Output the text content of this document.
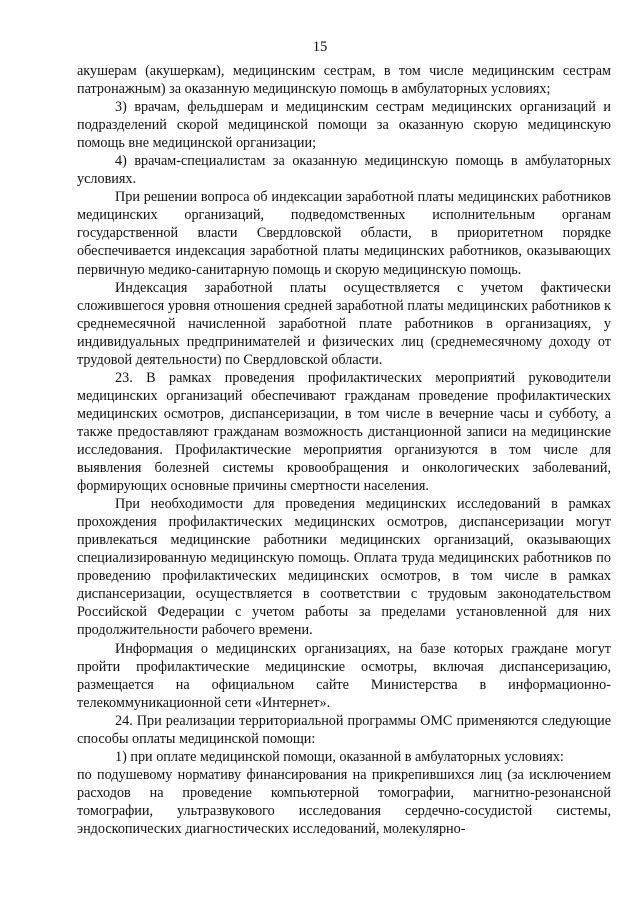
15

акушерам (акушеркам), медицинским сестрам, в том числе медицинским сестрам патронажным) за оказанную медицинскую помощь в амбулаторных условиях;

3) врачам, фельдшерам и медицинским сестрам медицинских организаций и подразделений скорой медицинской помощи за оказанную скорую медицинскую помощь вне медицинской организации;

4) врачам-специалистам за оказанную медицинскую помощь в амбулаторных условиях.

При решении вопроса об индексации заработной платы медицинских работников медицинских организаций, подведомственных исполнительным органам государственной власти Свердловской области, в приоритетном порядке обеспечивается индексация заработной платы медицинских работников, оказывающих первичную медико-санитарную помощь и скорую медицинскую помощь.

Индексация заработной платы осуществляется с учетом фактически сложившегося уровня отношения средней заработной платы медицинских работников к среднемесячной начисленной заработной плате работников в организациях, у индивидуальных предпринимателей и физических лиц (среднемесячному доходу от трудовой деятельности) по Свердловской области.

23. В рамках проведения профилактических мероприятий руководители медицинских организаций обеспечивают гражданам проведение профилактических медицинских осмотров, диспансеризации, в том числе в вечерние часы и субботу, а также предоставляют гражданам возможность дистанционной записи на медицинские исследования. Профилактические мероприятия организуются в том числе для выявления болезней системы кровообращения и онкологических заболеваний, формирующих основные причины смертности населения.

При необходимости для проведения медицинских исследований в рамках прохождения профилактических медицинских осмотров, диспансеризации могут привлекаться медицинские работники медицинских организаций, оказывающих специализированную медицинскую помощь. Оплата труда медицинских работников по проведению профилактических медицинских осмотров, в том числе в рамках диспансеризации, осуществляется в соответствии с трудовым законодательством Российской Федерации с учетом работы за пределами установленной для них продолжительности рабочего времени.

Информация о медицинских организациях, на базе которых граждане могут пройти профилактические медицинские осмотры, включая диспансеризацию, размещается на официальном сайте Министерства в информационно-телекоммуникационной сети «Интернет».

24. При реализации территориальной программы ОМС применяются следующие способы оплаты медицинской помощи:

1) при оплате медицинской помощи, оказанной в амбулаторных условиях:

по подушевому нормативу финансирования на прикрепившихся лиц (за исключением расходов на проведение компьютерной томографии, магнитно-резонансной томографии, ультразвукового исследования сердечно-сосудистой системы, эндоскопических диагностических исследований, молекулярно-
